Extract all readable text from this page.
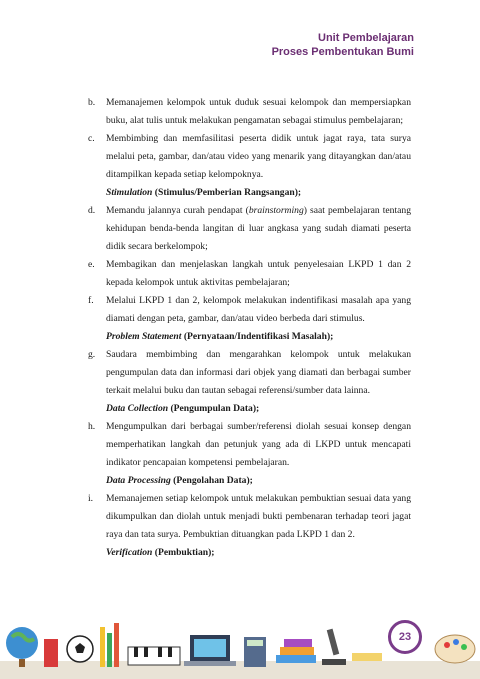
Unit Pembelajaran
Proses Pembentukan Bumi
b. Memanajemen kelompok untuk duduk sesuai kelompok dan mempersiapkan buku, alat tulis untuk melakukan pengamatan sebagai stimulus pembelajaran;
c. Membimbing dan memfasilitasi peserta didik untuk jagat raya, tata surya melalui peta, gambar, dan/atau video yang menarik yang ditayangkan dan/atau ditampilkan kepada setiap kelompoknya.
Stimulation (Stimulus/Pemberian Rangsangan);
d. Memandu jalannya curah pendapat (brainstorming) saat pembelajaran tentang kehidupan benda-benda langitan di luar angkasa yang sudah diamati peserta didik secara berkelompok;
e. Membagikan dan menjelaskan langkah untuk penyelesaian LKPD 1 dan 2 kepada kelompok untuk aktivitas pembelajaran;
f. Melalui LKPD 1 dan 2, kelompok melakukan indentifikasi masalah apa yang diamati dengan peta, gambar, dan/atau video berbeda dari stimulus.
Problem Statement (Pernyataan/Indentifikasi Masalah);
g. Saudara membimbing dan mengarahkan kelompok untuk melakukan pengumpulan data dan informasi dari objek yang diamati dan berbagai sumber terkait melalui buku dan tautan sebagai referensi/sumber data lainna.
Data Collection (Pengumpulan Data);
h. Mengumpulkan dari berbagai sumber/referensi diolah sesuai konsep dengan memperhatikan langkah dan petunjuk yang ada di LKPD untuk mencapati indikator pencapaian kompetensi pembelajaran.
Data Processing (Pengolahan Data);
i. Memanajemen setiap kelompok untuk melakukan pembuktian sesuai data yang dikumpulkan dan diolah untuk menjadi bukti pembenaran terhadap teori jagat raya dan tata surya. Pembuktian dituangkan pada LKPD 1 dan 2.
Verification (Pembuktian);
23
